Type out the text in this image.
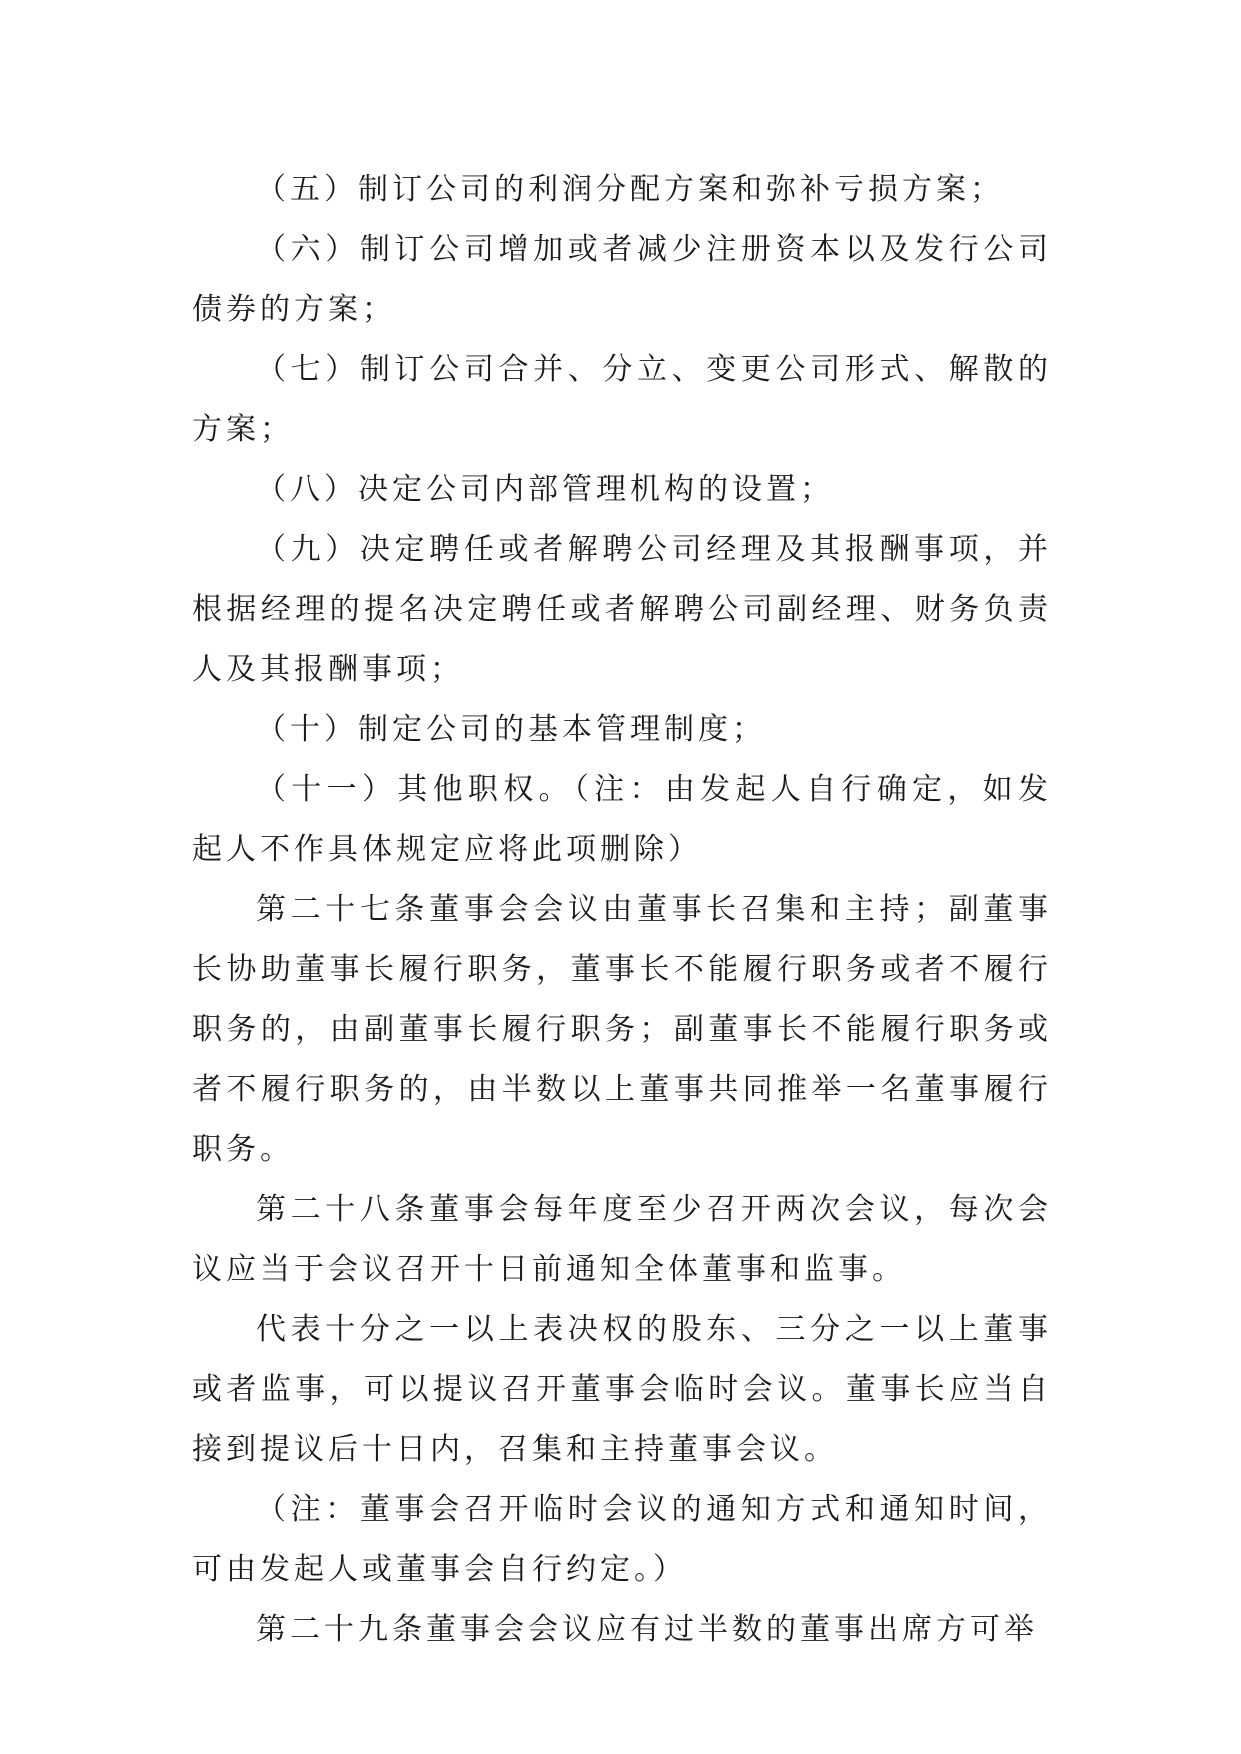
（五）制订公司的利润分配方案和弥补亏损方案；

（六）制订公司增加或者减少注册资本以及发行公司债券的方案；

（七）制订公司合并、分立、变更公司形式、解散的方案；

（八）决定公司内部管理机构的设置；

（九）决定聘任或者解聘公司经理及其报酬事项，并根据经理的提名决定聘任或者解聘公司副经理、财务负责人及其报酬事项；

（十）制定公司的基本管理制度；

（十一）其他职权。（注：由发起人自行确定，如发起人不作具体规定应将此项删除）

第二十七条董事会会议由董事长召集和主持；副董事长协助董事长履行职务，董事长不能履行职务或者不履行职务的，由副董事长履行职务；副董事长不能履行职务或者不履行职务的，由半数以上董事共同推举一名董事履行职务。

第二十八条董事会每年度至少召开两次会议，每次会议应当于会议召开十日前通知全体董事和监事。

代表十分之一以上表决权的股东、三分之一以上董事或者监事，可以提议召开董事会临时会议。董事长应当自接到提议后十日内，召集和主持董事会议。

（注：董事会召开临时会议的通知方式和通知时间，可由发起人或董事会自行约定。）

第二十九条董事会会议应有过半数的董事出席方可举
